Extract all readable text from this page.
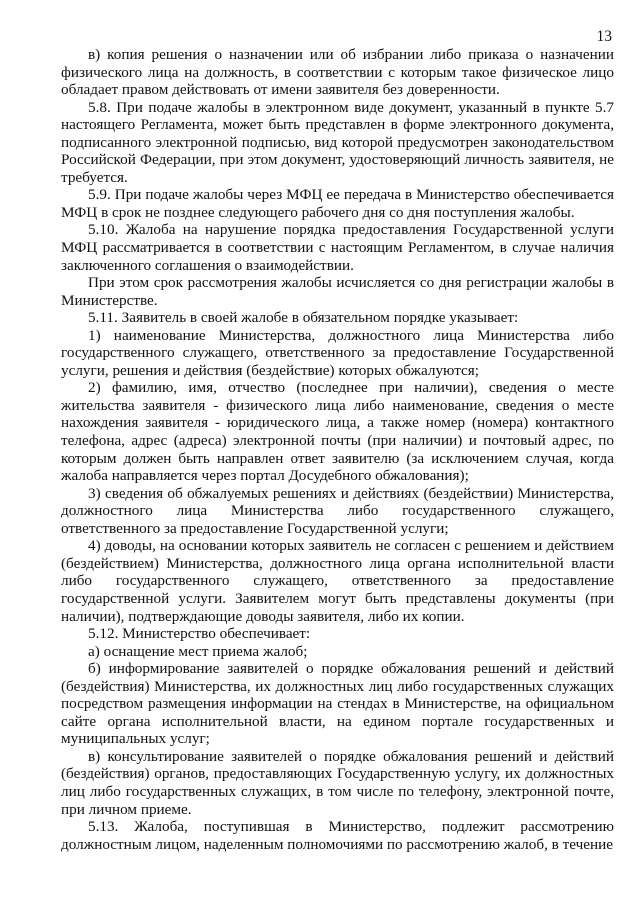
13

в) копия решения о назначении или об избрании либо приказа о назначении физического лица на должность, в соответствии с которым такое физическое лицо обладает правом действовать от имени заявителя без доверенности.

5.8. При подаче жалобы в электронном виде документ, указанный в пункте 5.7 настоящего Регламента, может быть представлен в форме электронного документа, подписанного электронной подписью, вид которой предусмотрен законодательством Российской Федерации, при этом документ, удостоверяющий личность заявителя, не требуется.

5.9. При подаче жалобы через МФЦ ее передача в Министерство обеспечивается МФЦ в срок не позднее следующего рабочего дня со дня поступления жалобы.

5.10. Жалоба на нарушение порядка предоставления Государственной услуги МФЦ рассматривается в соответствии с настоящим Регламентом, в случае наличия заключенного соглашения о взаимодействии.

При этом срок рассмотрения жалобы исчисляется со дня регистрации жалобы в Министерстве.

5.11. Заявитель в своей жалобе в обязательном порядке указывает:

1) наименование Министерства, должностного лица Министерства либо государственного служащего, ответственного за предоставление Государственной услуги, решения и действия (бездействие) которых обжалуются;

2) фамилию, имя, отчество (последнее при наличии), сведения о месте жительства заявителя - физического лица либо наименование, сведения о месте нахождения заявителя - юридического лица, а также номер (номера) контактного телефона, адрес (адреса) электронной почты (при наличии) и почтовый адрес, по которым должен быть направлен ответ заявителю (за исключением случая, когда жалоба направляется через портал Досудебного обжалования);

3) сведения об обжалуемых решениях и действиях (бездействии) Министерства, должностного лица Министерства либо государственного служащего, ответственного за предоставление Государственной услуги;

4) доводы, на основании которых заявитель не согласен с решением и действием (бездействием) Министерства, должностного лица органа исполнительной власти либо государственного служащего, ответственного за предоставление государственной услуги. Заявителем могут быть представлены документы (при наличии), подтверждающие доводы заявителя, либо их копии.

5.12. Министерство обеспечивает:

а) оснащение мест приема жалоб;

б) информирование заявителей о порядке обжалования решений и действий (бездействия) Министерства, их должностных лиц либо государственных служащих посредством размещения информации на стендах в Министерстве, на официальном сайте органа исполнительной власти, на едином портале государственных и муниципальных услуг;

в) консультирование заявителей о порядке обжалования решений и действий (бездействия) органов, предоставляющих Государственную услугу, их должностных лиц либо государственных служащих, в том числе по телефону, электронной почте, при личном приеме.

5.13. Жалоба, поступившая в Министерство, подлежит рассмотрению должностным лицом, наделенным полномочиями по рассмотрению жалоб, в течение
